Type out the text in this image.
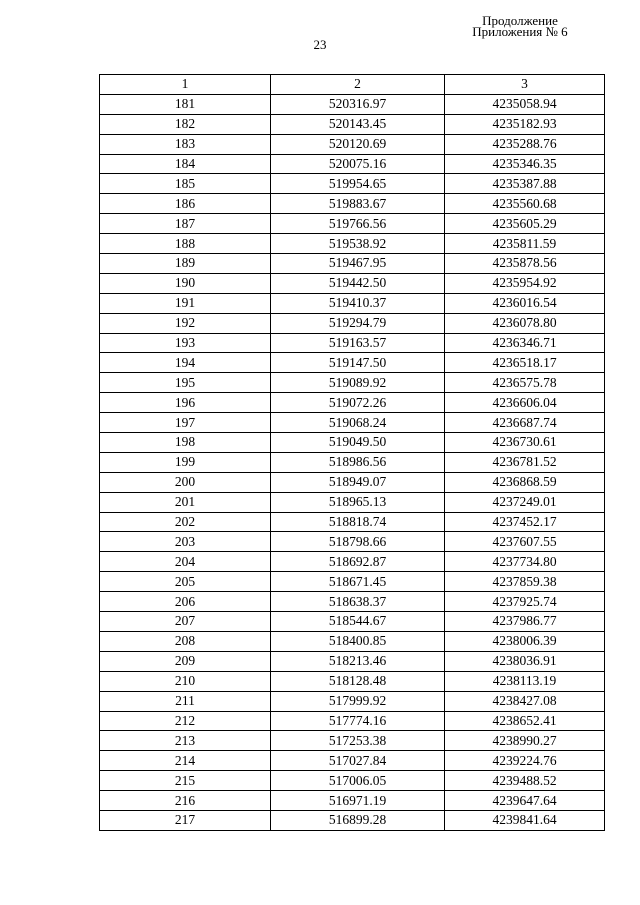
Продолжение
Приложения № 6
23
1	2	3
181	520316.97	4235058.94
182	520143.45	4235182.93
183	520120.69	4235288.76
184	520075.16	4235346.35
185	519954.65	4235387.88
186	519883.67	4235560.68
187	519766.56	4235605.29
188	519538.92	4235811.59
189	519467.95	4235878.56
190	519442.50	4235954.92
191	519410.37	4236016.54
192	519294.79	4236078.80
193	519163.57	4236346.71
194	519147.50	4236518.17
195	519089.92	4236575.78
196	519072.26	4236606.04
197	519068.24	4236687.74
198	519049.50	4236730.61
199	518986.56	4236781.52
200	518949.07	4236868.59
201	518965.13	4237249.01
202	518818.74	4237452.17
203	518798.66	4237607.55
204	518692.87	4237734.80
205	518671.45	4237859.38
206	518638.37	4237925.74
207	518544.67	4237986.77
208	518400.85	4238006.39
209	518213.46	4238036.91
210	518128.48	4238113.19
211	517999.92	4238427.08
212	517774.16	4238652.41
213	517253.38	4238990.27
214	517027.84	4239224.76
215	517006.05	4239488.52
216	516971.19	4239647.64
217	516899.28	4239841.64
